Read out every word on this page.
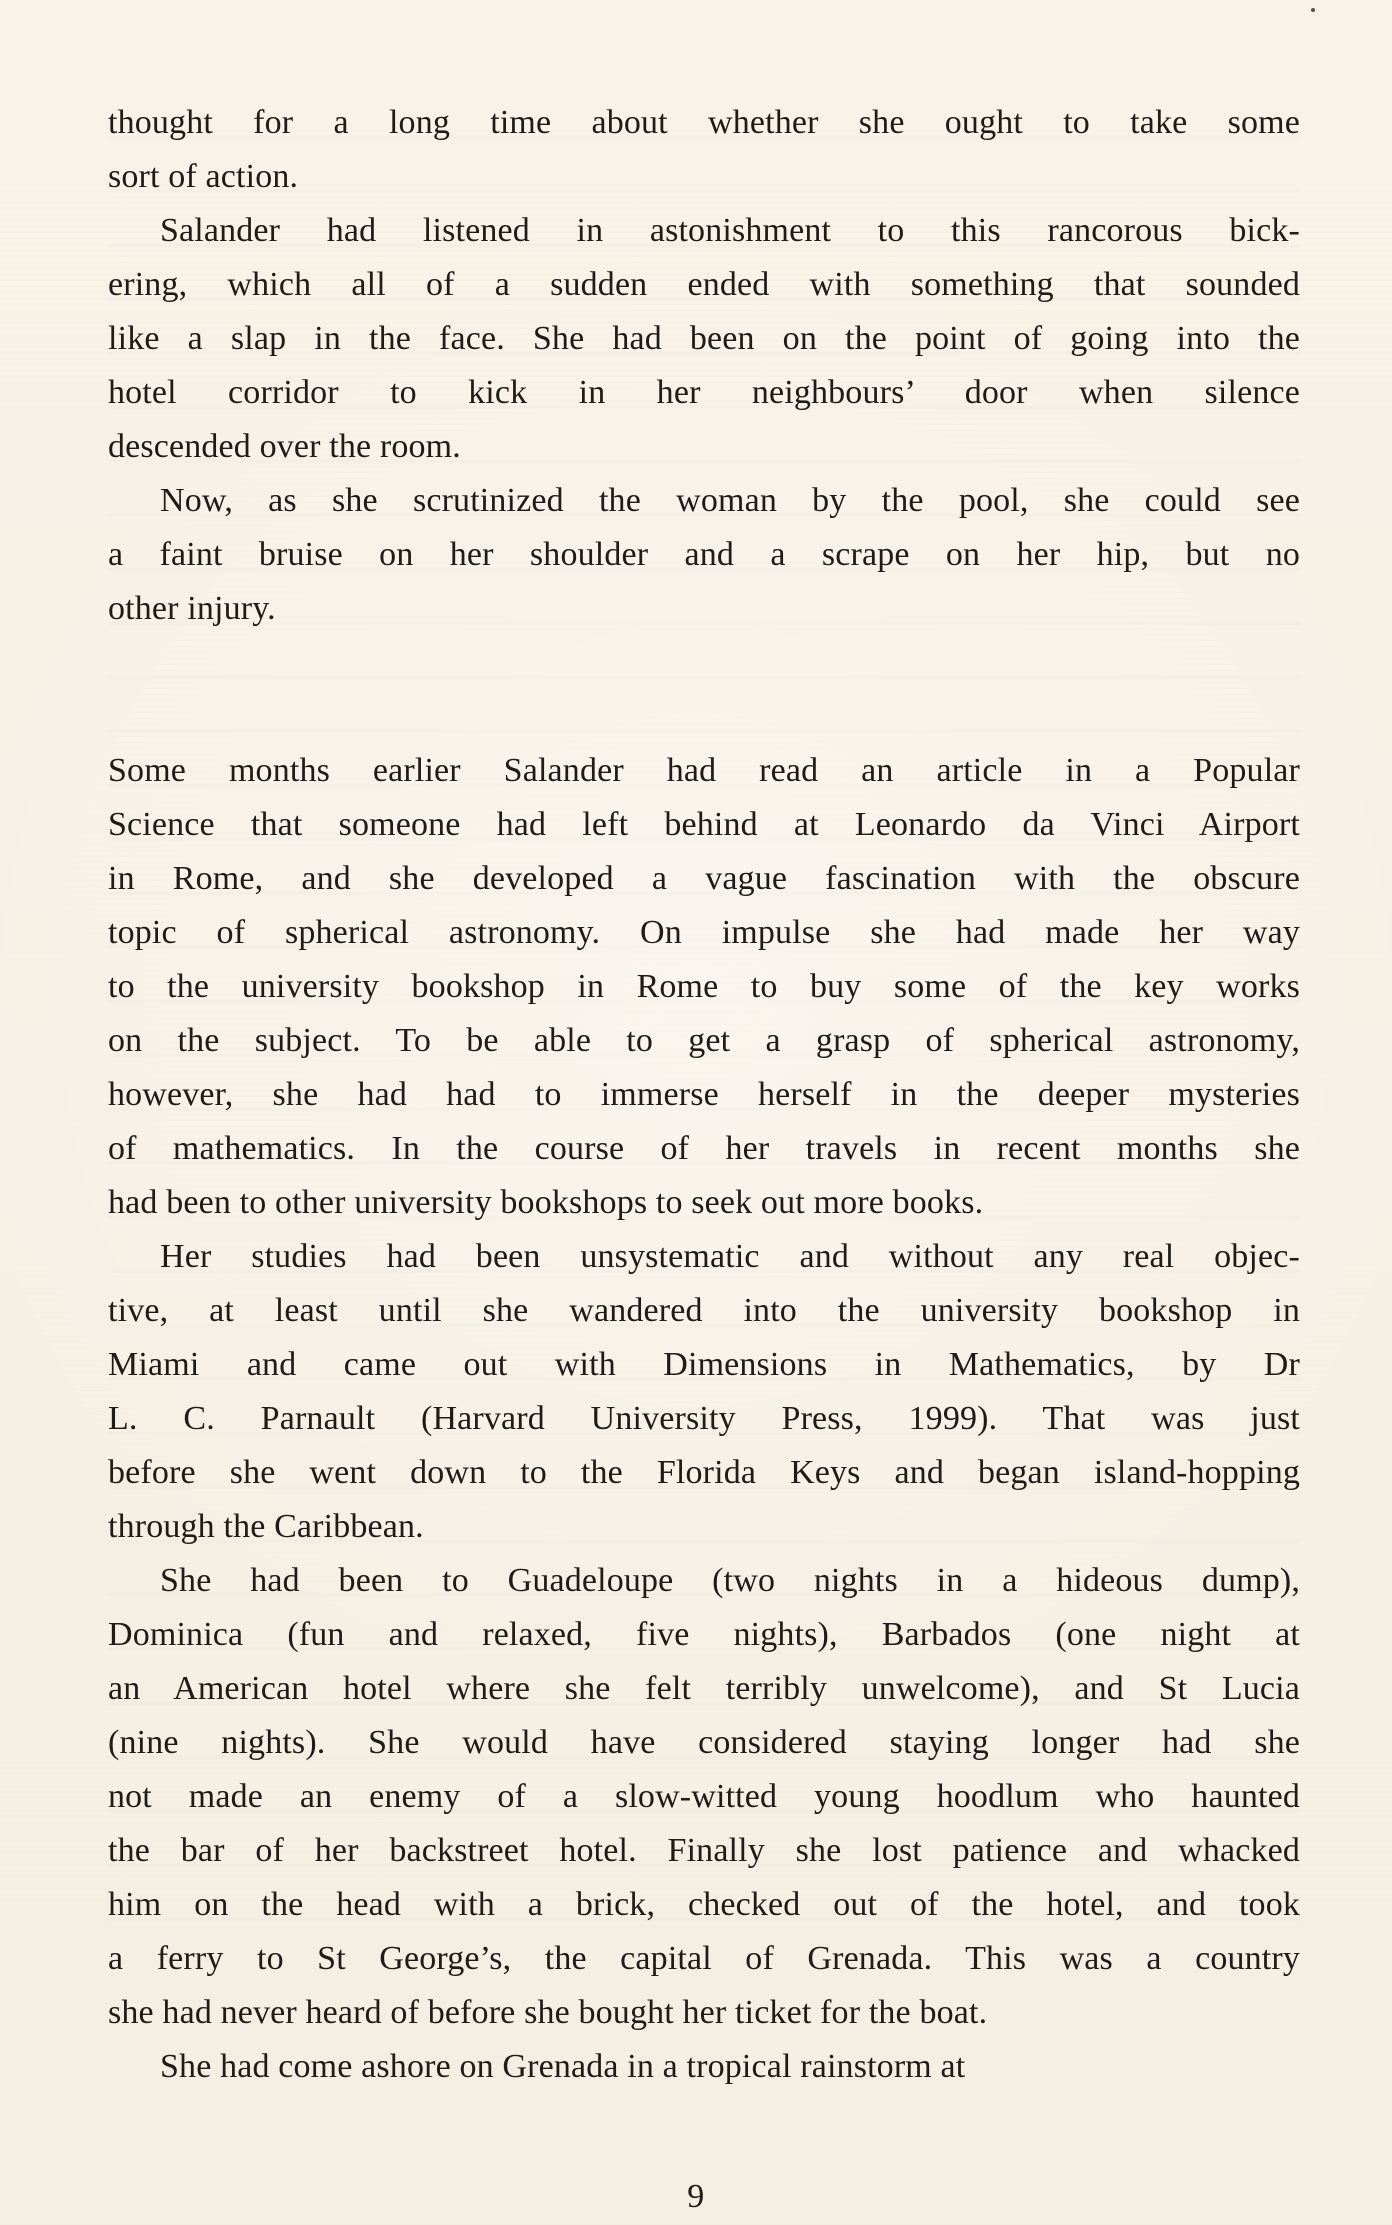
thought for a long time about whether she ought to take some

sort of action.

Salander had listened in astonishment to this rancorous bick-

ering, which all of a sudden ended with something that sounded

like a slap in the face. She had been on the point of going into the

hotel corridor to kick in her neighbours’ door when silence

descended over the room.

Now, as she scrutinized the woman by the pool, she could see

a faint bruise on her shoulder and a scrape on her hip, but no

other injury.

Some months earlier Salander had read an article in a Popular

Science that someone had left behind at Leonardo da Vinci Airport

in Rome, and she developed a vague fascination with the obscure

topic of spherical astronomy. On impulse she had made her way

to the university bookshop in Rome to buy some of the key works

on the subject. To be able to get a grasp of spherical astronomy,

however, she had had to immerse herself in the deeper mysteries

of mathematics. In the course of her travels in recent months she

had been to other university bookshops to seek out more books.

Her studies had been unsystematic and without any real objec-

tive, at least until she wandered into the university bookshop in

Miami and came out with Dimensions in Mathematics, by Dr

L. C. Parnault (Harvard University Press, 1999). That was just

before she went down to the Florida Keys and began island-hopping

through the Caribbean.

She had been to Guadeloupe (two nights in a hideous dump),

Dominica (fun and relaxed, five nights), Barbados (one night at

an American hotel where she felt terribly unwelcome), and St Lucia

(nine nights). She would have considered staying longer had she

not made an enemy of a slow-witted young hoodlum who haunted

the bar of her backstreet hotel. Finally she lost patience and whacked

him on the head with a brick, checked out of the hotel, and took

a ferry to St George’s, the capital of Grenada. This was a country

she had never heard of before she bought her ticket for the boat.

She had come ashore on Grenada in a tropical rainstorm at

9
